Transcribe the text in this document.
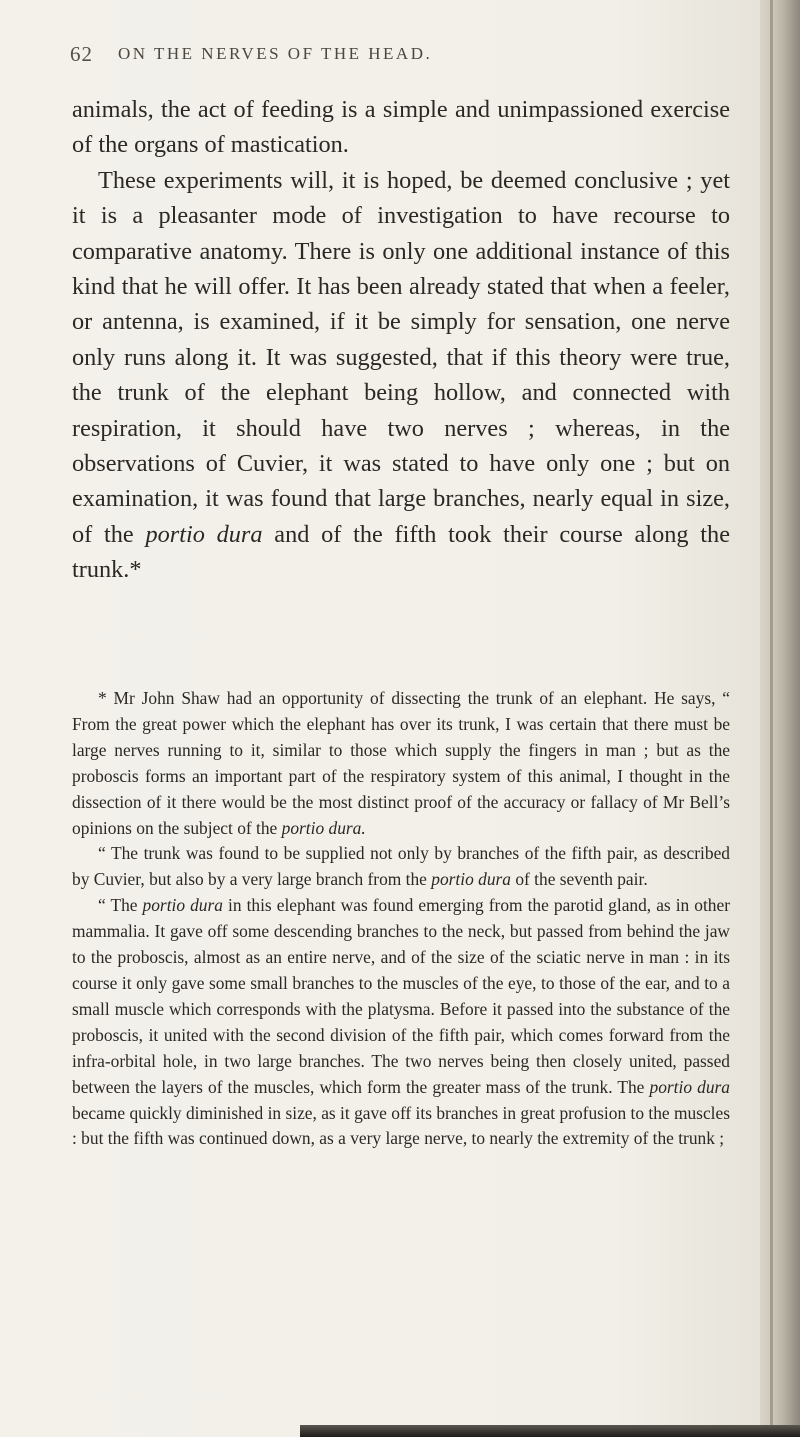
62 ON THE NERVES OF THE HEAD.

animals, the act of feeding is a simple and unimpassioned exercise of the organs of mastication.

These experiments will, it is hoped, be deemed conclusive ; yet it is a pleasanter mode of investigation to have recourse to comparative anatomy. There is only one additional instance of this kind that he will offer. It has been already stated that when a feeler, or antenna, is examined, if it be simply for sensation, one nerve only runs along it. It was suggested, that if this theory were true, the trunk of the elephant being hollow, and connected with respiration, it should have two nerves ; whereas, in the observations of Cuvier, it was stated to have only one ; but on examination, it was found that large branches, nearly equal in size, of the portio dura and of the fifth took their course along the trunk.*

* Mr John Shaw had an opportunity of dissecting the trunk of an elephant. He says, “ From the great power which the elephant has over its trunk, I was certain that there must be large nerves running to it, similar to those which supply the fingers in man ; but as the proboscis forms an important part of the respiratory system of this animal, I thought in the dissection of it there would be the most distinct proof of the accuracy or fallacy of Mr Bell’s opinions on the subject of the portio dura.

“ The trunk was found to be supplied not only by branches of the fifth pair, as described by Cuvier, but also by a very large branch from the portio dura of the seventh pair.

“ The portio dura in this elephant was found emerging from the parotid gland, as in other mammalia. It gave off some descending branches to the neck, but passed from behind the jaw to the proboscis, almost as an entire nerve, and of the size of the sciatic nerve in man : in its course it only gave some small branches to the muscles of the eye, to those of the ear, and to a small muscle which corresponds with the platysma. Before it passed into the substance of the proboscis, it united with the second division of the fifth pair, which comes forward from the infra-orbital hole, in two large branches. The two nerves being then closely united, passed between the layers of the muscles, which form the greater mass of the trunk. The portio dura became quickly diminished in size, as it gave off its branches in great profusion to the muscles : but the fifth was continued down, as a very large nerve, to nearly the extremity of the trunk ;
